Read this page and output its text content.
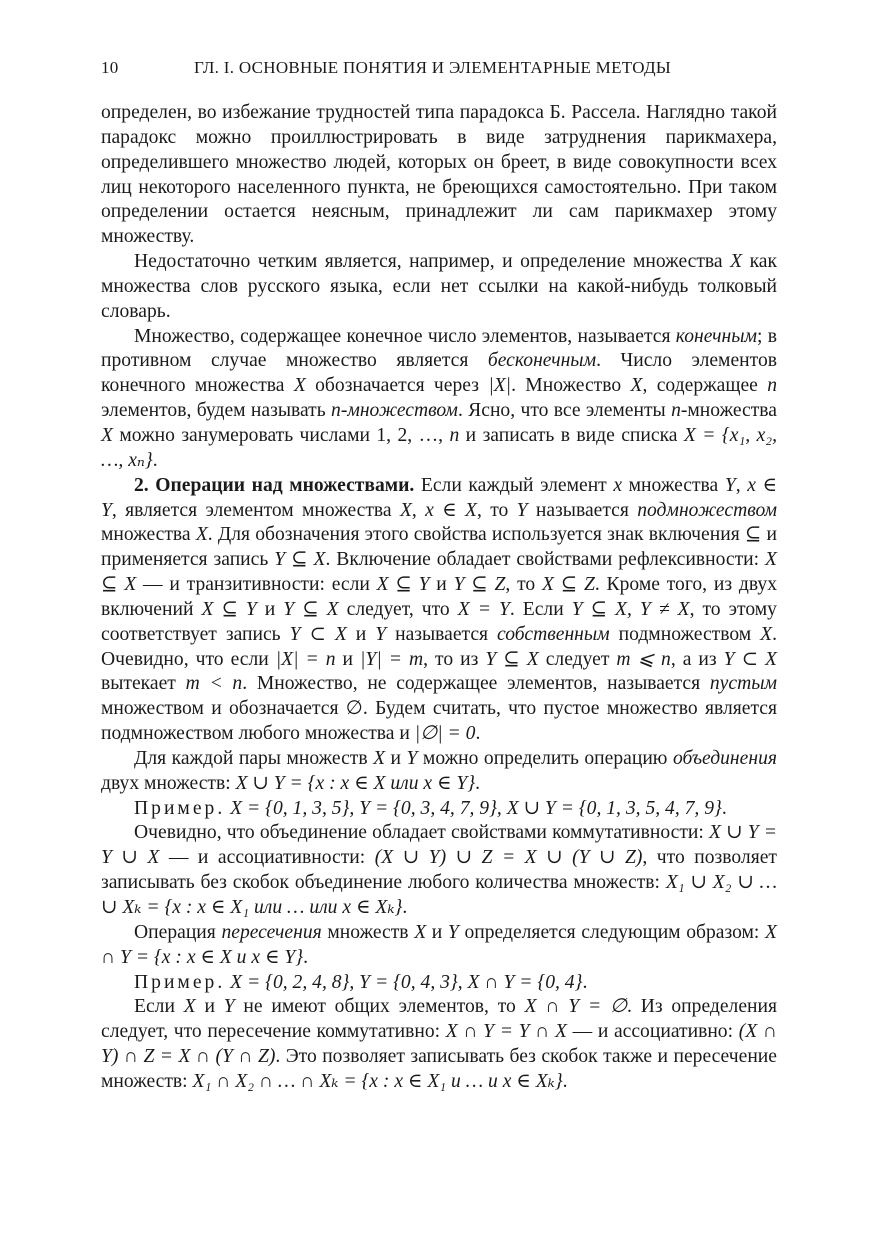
10	ГЛ. I. ОСНОВНЫЕ ПОНЯТИЯ И ЭЛЕМЕНТАРНЫЕ МЕТОДЫ

определен, во избежание трудностей типа парадокса Б. Рассела. Наглядно такой парадокс можно проиллюстрировать в виде затруднения парикмахера, определившего множество людей, которых он бреет, в виде совокупности всех лиц некоторого населенного пункта, не бреющихся самостоятельно. При таком определении остается неясным, принадлежит ли сам парикмахер этому множеству.

Недостаточно четким является, например, и определение множества X как множества слов русского языка, если нет ссылки на какой-нибудь толковый словарь.

Множество, содержащее конечное число элементов, называется конечным; в противном случае множество является бесконечным. Число элементов конечного множества X обозначается через |X|. Множество X, содержащее n элементов, будем называть n-множеством. Ясно, что все элементы n-множества X можно занумеровать числами 1, 2, …, n и записать в виде списка X = {x₁, x₂, …, xₙ}.

2. Операции над множествами. Если каждый элемент x множества Y, x ∈ Y, является элементом множества X, x ∈ X, то Y называется подмножеством множества X. Для обозначения этого свойства используется знак включения ⊆ и применяется запись Y ⊆ X. Включение обладает свойствами рефлексивности: X ⊆ X — и транзитивности: если X ⊆ Y и Y ⊆ Z, то X ⊆ Z. Кроме того, из двух включений X ⊆ Y и Y ⊆ X следует, что X = Y. Если Y ⊆ X, Y ≠ X, то этому соответствует запись Y ⊂ X и Y называется собственным подмножеством X. Очевидно, что если |X| = n и |Y| = m, то из Y ⊆ X следует m ⩽ n, а из Y ⊂ X вытекает m < n. Множество, не содержащее элементов, называется пустым множеством и обозначается ∅. Будем считать, что пустое множество является подмножеством любого множества и |∅| = 0.

Для каждой пары множеств X и Y можно определить операцию объединения двух множеств: X ∪ Y = {x : x ∈ X или x ∈ Y}.

Пример. X = {0, 1, 3, 5}, Y = {0, 3, 4, 7, 9}, X ∪ Y = {0, 1, 3, 5, 4, 7, 9}.

Очевидно, что объединение обладает свойствами коммутативности: X ∪ Y = Y ∪ X — и ассоциативности: (X ∪ Y) ∪ Z = X ∪ (Y ∪ Z), что позволяет записывать без скобок объединение любого количества множеств: X₁ ∪ X₂ ∪ … ∪ Xₖ = {x : x ∈ X₁ или … или x ∈ Xₖ}.

Операция пересечения множеств X и Y определяется следующим образом: X ∩ Y = {x : x ∈ X и x ∈ Y}.

Пример. X = {0, 2, 4, 8}, Y = {0, 4, 3}, X ∩ Y = {0, 4}.

Если X и Y не имеют общих элементов, то X ∩ Y = ∅. Из определения следует, что пересечение коммутативно: X ∩ Y = Y ∩ X — и ассоциативно: (X ∩ Y) ∩ Z = X ∩ (Y ∩ Z). Это позволяет записывать без скобок также и пересечение множеств: X₁ ∩ X₂ ∩ … ∩ Xₖ = {x : x ∈ X₁ и … и x ∈ Xₖ}.
